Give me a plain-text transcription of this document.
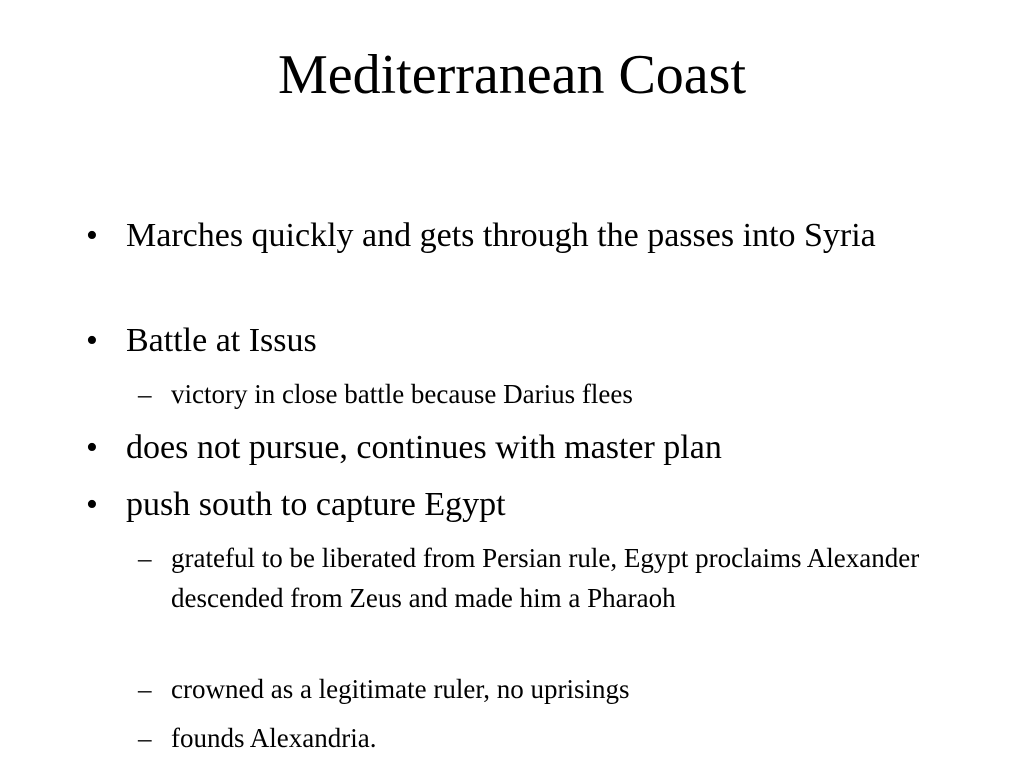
Mediterranean Coast
• Marches quickly and gets through the passes into Syria
• Battle at Issus
– victory in close battle because Darius flees
• does not pursue, continues with master plan
• push south to capture Egypt
– grateful to be liberated from Persian rule, Egypt proclaims Alexander descended from Zeus and made him a Pharaoh
– crowned as a legitimate ruler, no uprisings
– founds Alexandria.
